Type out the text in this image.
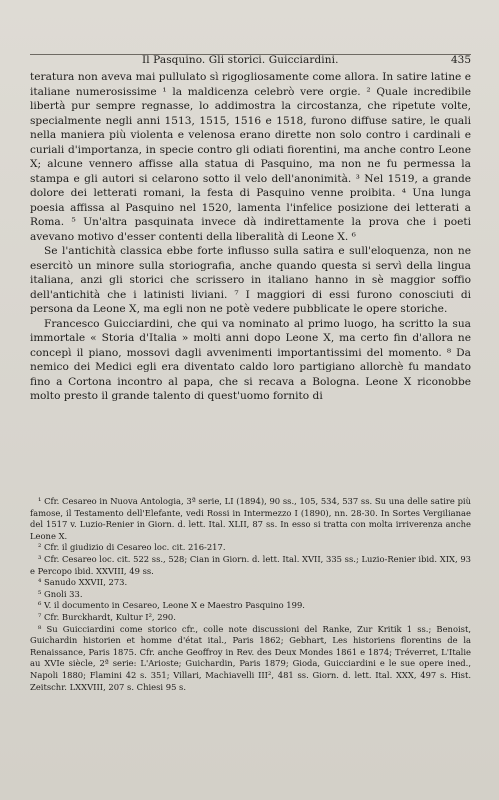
Il Pasquino. Gli storici. Guicciardini.	435

teratura non aveva mai pullulato sì rigogliosamente come allora. In satire latine e italiane numerosissime ¹ la maldicenza celebrò vere orgie. ² Quale incredibile libertà pur sempre regnasse, lo addimostra la circostanza, che ripetute volte, specialmente negli anni 1513, 1515, 1516 e 1518, furono diffuse satire, le quali nella maniera più violenta e velenosa erano dirette non solo contro i cardinali e curiali d'importanza, in specie contro gli odiati fiorentini, ma anche contro Leone X; alcune vennero affisse alla statua di Pasquino, ma non ne fu permessa la stampa e gli autori si celarono sotto il velo dell'anonimità. ³ Nel 1519, a grande dolore dei letterati romani, la festa di Pasquino venne proibita. ⁴ Una lunga poesia affissa al Pasquino nel 1520, lamenta l'infelice posizione dei letterati a Roma. ⁵ Un'altra pasquinata invece dà indirettamente la prova che i poeti avevano motivo d'esser contenti della liberalità di Leone X. ⁶

Se l'antichità classica ebbe forte influsso sulla satira e sull'eloquenza, non ne esercitò un minore sulla storiografia, anche quando questa si servì della lingua italiana, anzi gli storici che scrissero in italiano hanno in sè maggior soffio dell'antichità che i latinisti liviani. ⁷ I maggiori di essi furono conosciuti di persona da Leone X, ma egli non ne potè vedere pubblicate le opere storiche.

Francesco Guicciardini, che qui va nominato al primo luogo, ha scritto la sua immortale « Storia d'Italia » molti anni dopo Leone X, ma certo fin d'allora ne concepì il piano, mossovi dagli avvenimenti importantissimi del momento. ⁸ Da nemico dei Medici egli era diventato caldo loro partigiano allorchè fu mandato fino a Cortona incontro al papa, che si recava a Bologna. Leone X riconobbe molto presto il grande talento di quest'uomo fornito di

¹ Cfr. Cesareo in Nuova Antologia, 3ª serie, LI (1894), 90 ss., 105, 534, 537 ss. Su una delle satire più famose, il Testamento dell'Elefante, vedi Rossi in Intermezzo I (1890), nn. 28-30. In Sortes Vergilianae del 1517 v. Luzio-Renier in Giorn. d. lett. Ital. XLII, 87 ss. In esso si tratta con molta irriverenza anche Leone X.

² Cfr. il giudizio di Cesareo loc. cit. 216-217.

³ Cfr. Cesareo loc. cit. 522 ss., 528; Cian in Giorn. d. lett. Ital. XVII, 335 ss.; Luzio-Renier ibid. XIX, 93 e Percopo ibid. XXVIII, 49 ss.

⁴ Sanudo XXVII, 273.

⁵ Gnoli 33.

⁶ V. il documento in Cesareo, Leone X e Maestro Pasquino 199.

⁷ Cfr. Burckhardt, Kultur I², 290.

⁸ Su Guicciardini come storico cfr., colle note discussioni del Ranke, Zur Kritik 1 ss.; Benoist, Guichardin historien et homme d'état ital., Paris 1862; Gebhart, Les historiens florentins de la Renaissance, Paris 1875. Cfr. anche Geoffroy in Rev. des Deux Mondes 1861 e 1874; Tréverret, L'Italie au XVIe siècle, 2ª serie: L'Arioste; Guichardin, Paris 1879; Gioda, Guicciardini e le sue opere ined., Napoli 1880; Flamini 42 s. 351; Villari, Machiavelli III², 481 ss. Giorn. d. lett. Ital. XXX, 497 s. Hist. Zeitschr. LXXVIII, 207 s. Chiesi 95 s.
